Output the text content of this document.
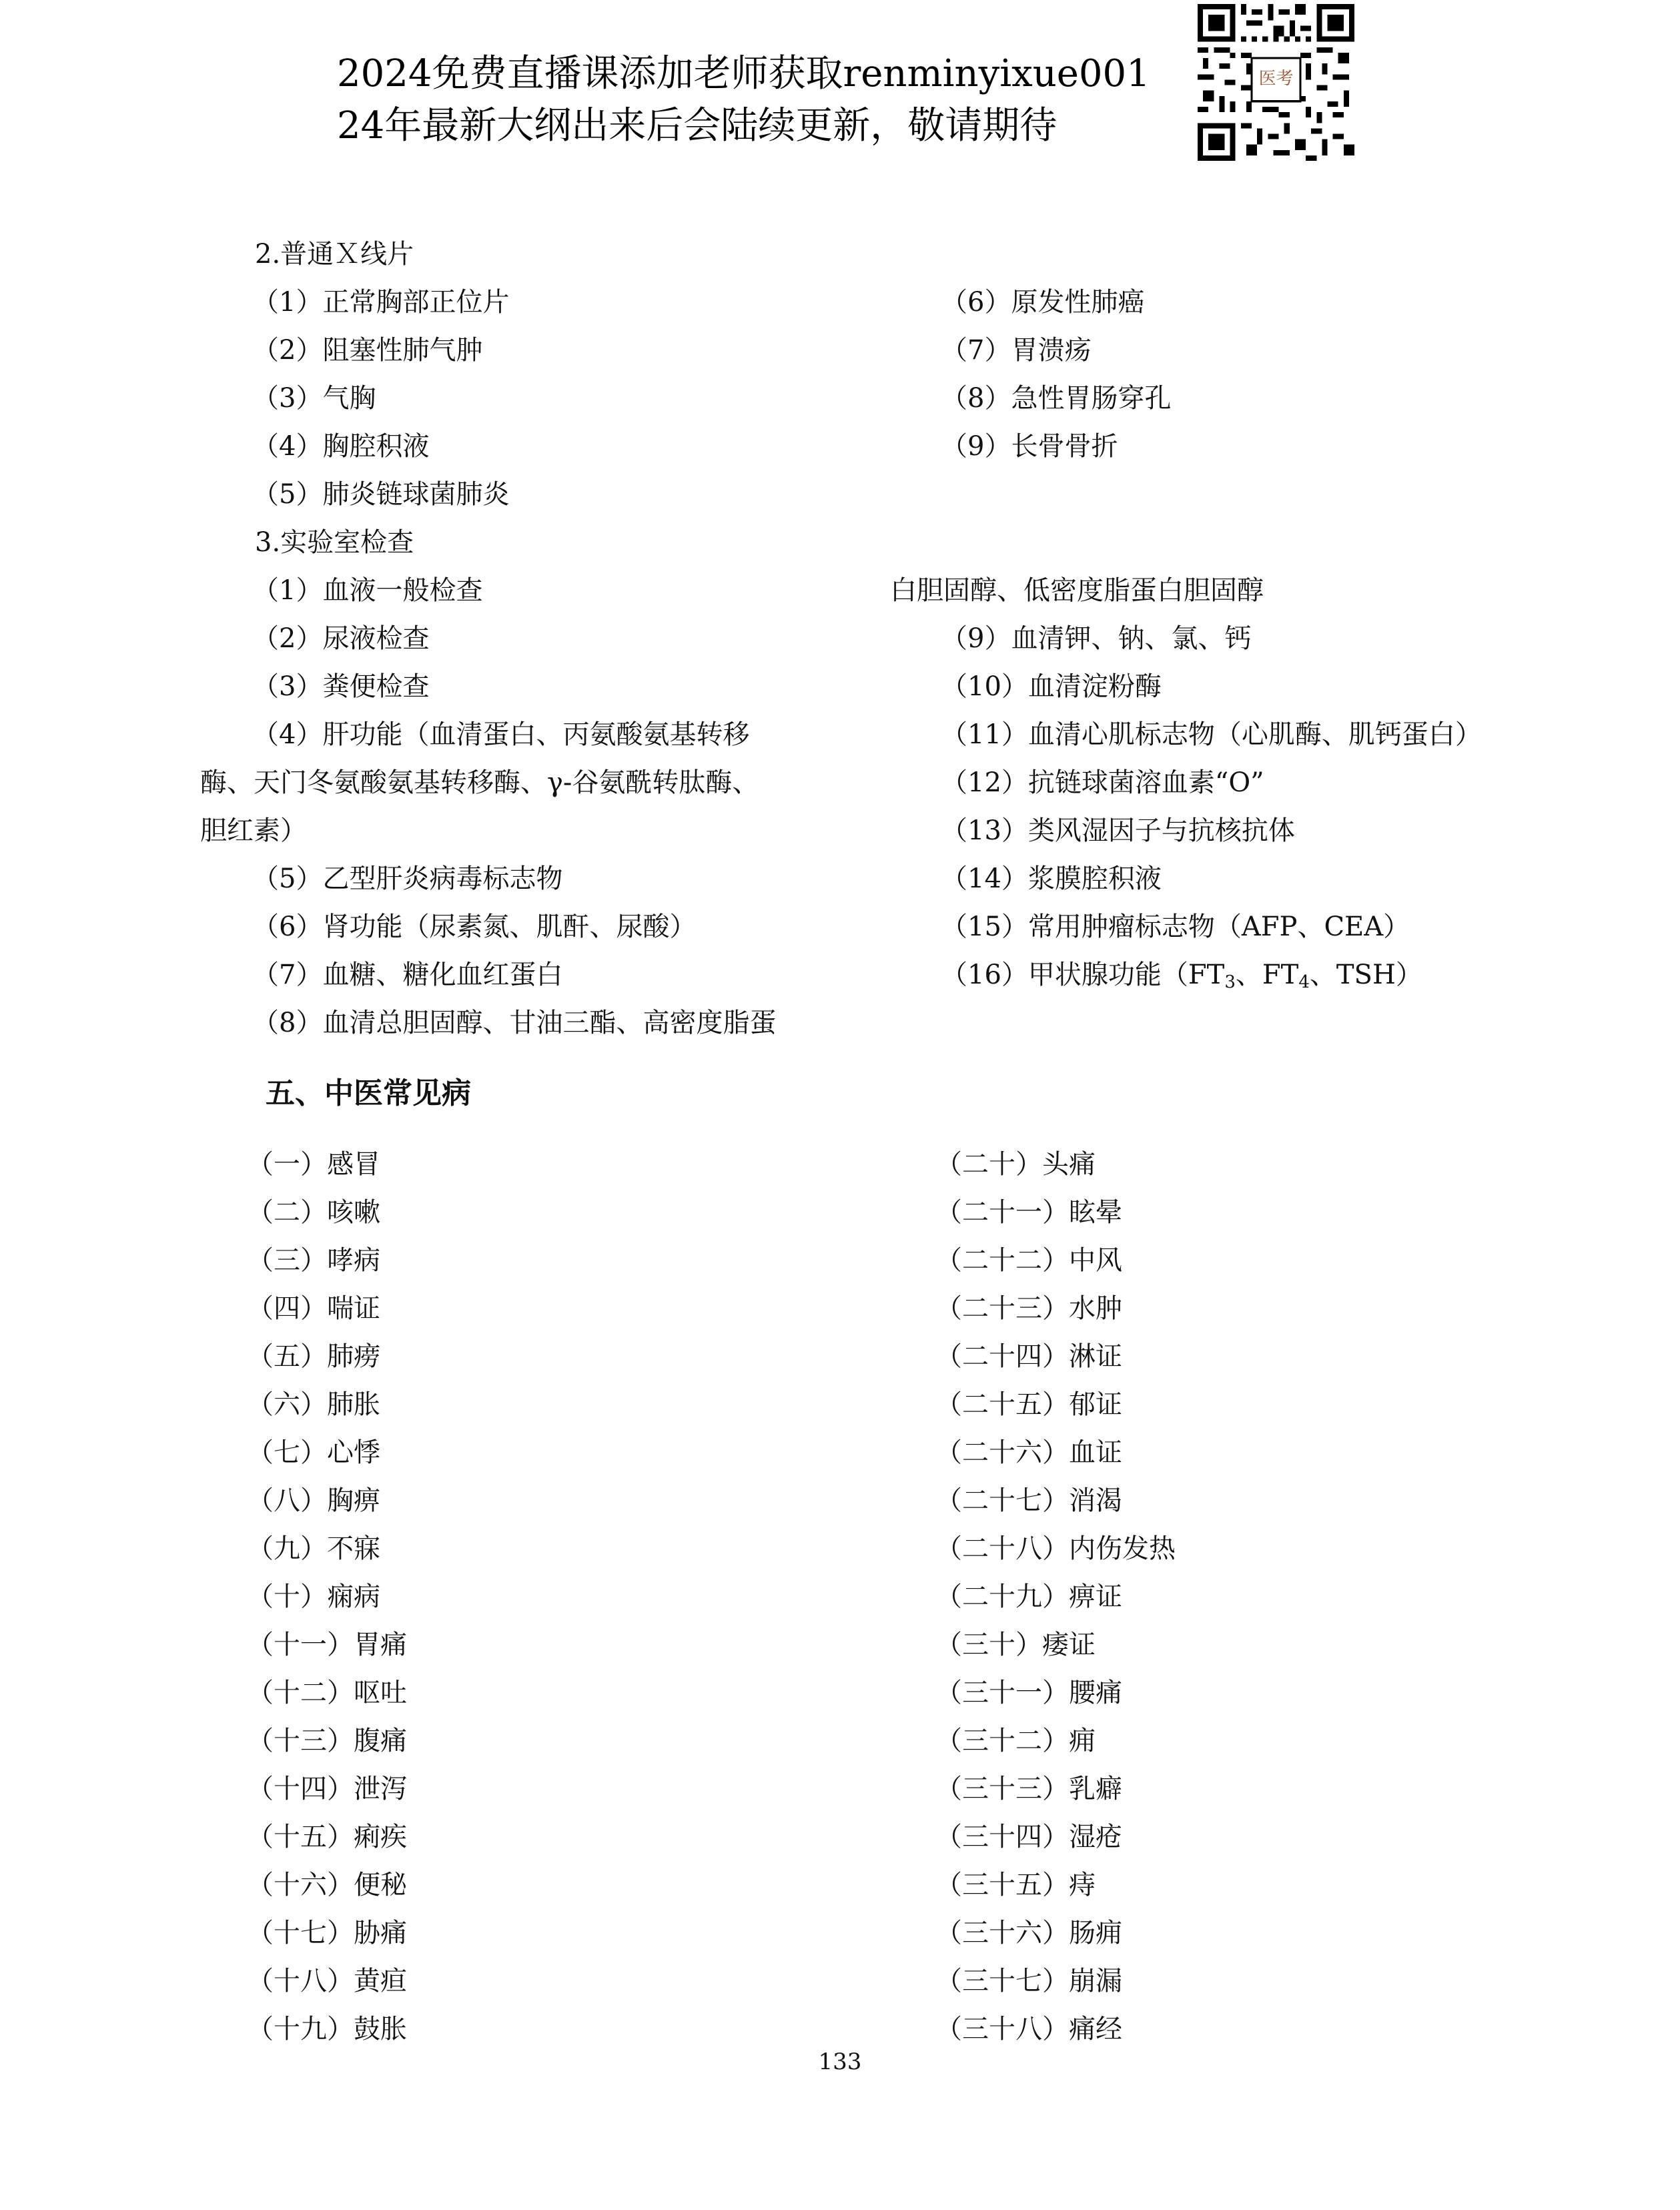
2024免费直播课添加老师获取renminyixue001
24年最新大纲出来后会陆续更新，敬请期待
医考
2.普通Ｘ线片
（1）正常胸部正位片
（2）阻塞性肺气肿
（3）气胸
（4）胸腔积液
（5）肺炎链球菌肺炎
（6）原发性肺癌
（7）胃溃疡
（8）急性胃肠穿孔
（9）长骨骨折
3.实验室检查
（1）血液一般检查
（2）尿液检查
（3）粪便检查
（4）肝功能（血清蛋白、丙氨酸氨基转移
酶、天门冬氨酸氨基转移酶、γ-谷氨酰转肽酶、
胆红素）
（5）乙型肝炎病毒标志物
（6）肾功能（尿素氮、肌酐、尿酸）
（7）血糖、糖化血红蛋白
（8）血清总胆固醇、甘油三酯、高密度脂蛋
白胆固醇、低密度脂蛋白胆固醇
（9）血清钾、钠、氯、钙
（10）血清淀粉酶
（11）血清心肌标志物（心肌酶、肌钙蛋白）
（12）抗链球菌溶血素“O”
（13）类风湿因子与抗核抗体
（14）浆膜腔积液
（15）常用肿瘤标志物（AFP、CEA）
（16）甲状腺功能（$FT_3$、$FT_4$、TSH）
五、中医常见病
（一）感冒
（二）咳嗽
（三）哮病
（四）喘证
（五）肺痨
（六）肺胀
（七）心悸
（八）胸痹
（九）不寐
（十）痫病
（十一）胃痛
（十二）呕吐
（十三）腹痛
（十四）泄泻
（十五）痢疾
（十六）便秘
（十七）胁痛
（十八）黄疸
（十九）鼓胀
（二十）头痛
（二十一）眩晕
（二十二）中风
（二十三）水肿
（二十四）淋证
（二十五）郁证
（二十六）血证
（二十七）消渴
（二十八）内伤发热
（二十九）痹证
（三十）痿证
（三十一）腰痛
（三十二）痈
（三十三）乳癖
（三十四）湿疮
（三十五）痔
（三十六）肠痈
（三十七）崩漏
（三十八）痛经
133
